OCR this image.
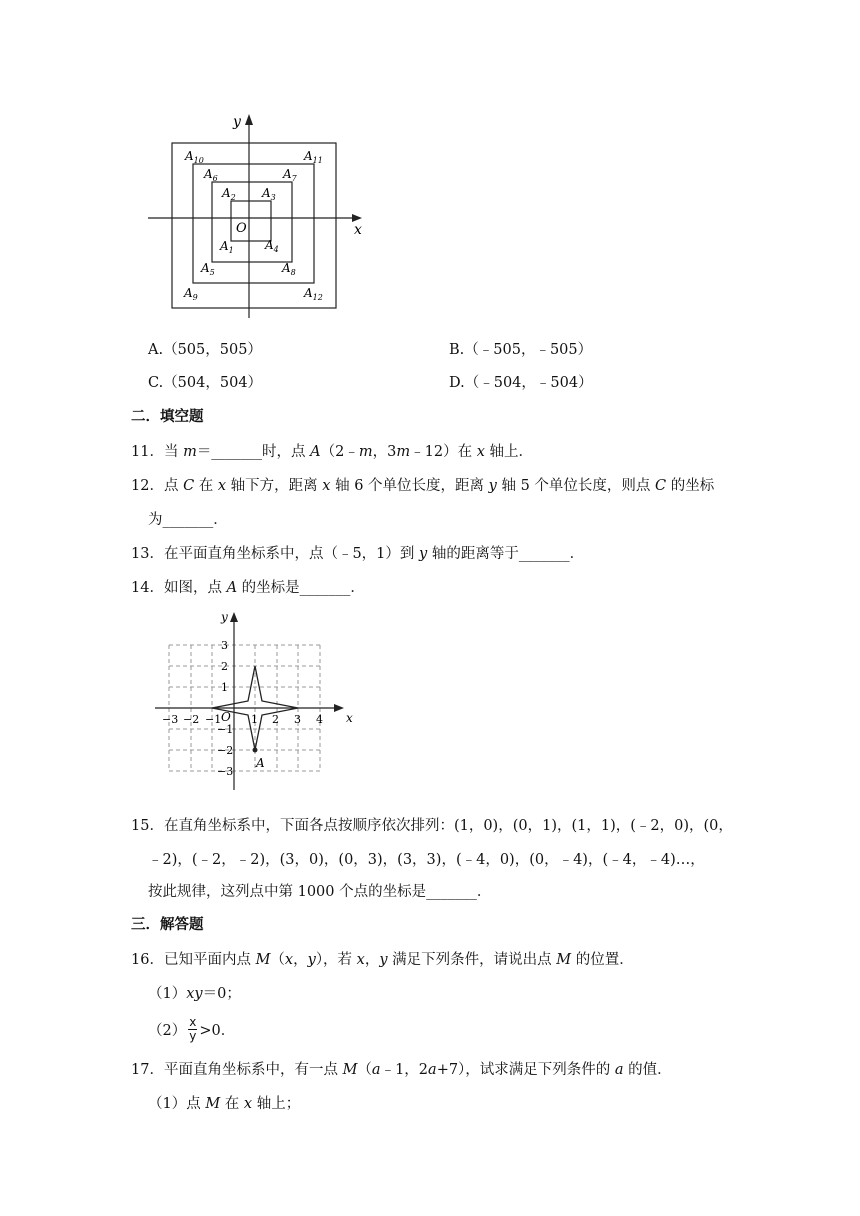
x
y
O
$A_1$
$A_2$ $A_3$
$A_4$
$A_5$
$A_6$	$A_7$
$A_8$
$A_9$
$A_{10}$	$A_{11}$
$A_{12}$
A.（505，505）	B.（﹣505，﹣505）
C.（504，504）	D.（﹣504，﹣504）
二．填空题
11．当 m＝_______时，点 A（2﹣m，3m﹣12）在 x 轴上．
12．点 C 在 x 轴下方，距离 x 轴 6 个单位长度，距离 y 轴 5 个单位长度，则点 C 的坐标
为_______．
13．在平面直角坐标系中，点（﹣5，1）到 y 轴的距离等于_______．
14．如图，点 A 的坐标是_______．
x
y
O
A
−3 −2 −1	1 2 3 4
3
2
1
−1
−2
−3
15．在直角坐标系中，下面各点按顺序依次排列：(1，0)，(0，1)，(1，1)，(﹣2，0)，(0，
﹣2)，(﹣2，﹣2)，(3，0)，(0，3)，(3，3)，(﹣4，0)，(0，﹣4)，(﹣4，﹣4)…，
按此规律，这列点中第 1000 个点的坐标是_______．
三．解答题
16．已知平面内点 M（x，y），若 x，y 满足下列条件，请说出点 M 的位置．
（1）xy＝0；
$(2) \frac{x}{y} >0$．
17．平面直角坐标系中，有一点 M（a﹣1，2a+7），试求满足下列条件的 a 的值．
（1）点 M 在 x 轴上；
